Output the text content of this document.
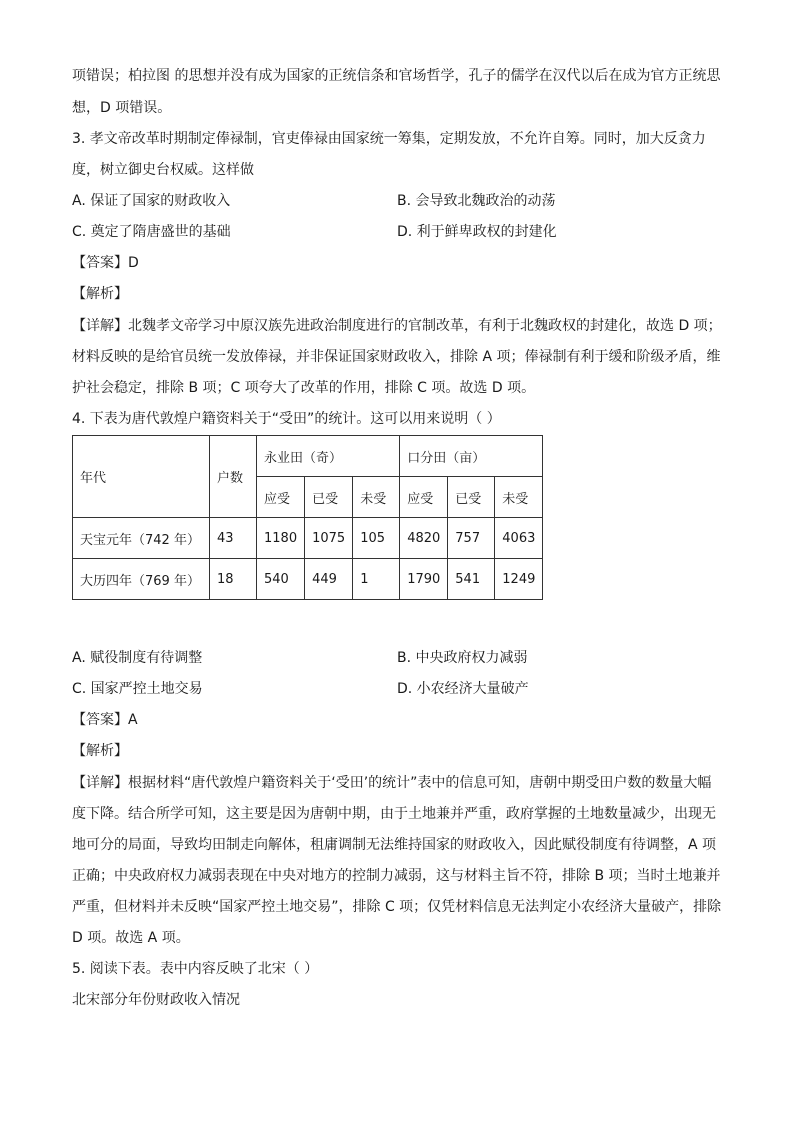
项错误；柏拉图 的思想并没有成为国家的正统信条和官场哲学，孔子的儒学在汉代以后在成为官方正统思
想，D 项错误。
3. 孝文帝改革时期制定俸禄制，官吏俸禄由国家统一筹集，定期发放，不允许自筹。同时，加大反贪力
度，树立御史台权威。这样做
A. 保证了国家的财政收入	B. 会导致北魏政治的动荡
C. 奠定了隋唐盛世的基础	D. 利于鲜卑政权的封建化
【答案】D
【解析】
【详解】北魏孝文帝学习中原汉族先进政治制度进行的官制改革，有利于北魏政权的封建化，故选 D 项；
材料反映的是给官员统一发放俸禄，并非保证国家财政收入，排除 A 项；俸禄制有利于缓和阶级矛盾，维
护社会稳定，排除 B 项；C 项夸大了改革的作用，排除 C 项。故选 D 项。
4. 下表为唐代敦煌户籍资料关于“受田”的统计。这可以用来说明（ ）
年代	户数	永业田（奇）			口分田（亩）		
		应受	已受	未受	应受	已受	未受
天宝元年（742 年）	43	1180	1075	105	4820	757	4063
大历四年（769 年）	18	540	449	1	1790	541	1249
A. 赋役制度有待调整	B. 中央政府权力减弱
C. 国家严控土地交易	D. 小农经济大量破产
【答案】A
【解析】
【详解】根据材料“唐代敦煌户籍资料关于‘受田’的统计”表中的信息可知，唐朝中期受田户数的数量大幅
度下降。结合所学可知，这主要是因为唐朝中期，由于土地兼并严重，政府掌握的土地数量减少，出现无
地可分的局面，导致均田制走向解体，租庸调制无法维持国家的财政收入，因此赋役制度有待调整，A 项
正确；中央政府权力减弱表现在中央对地方的控制力减弱，这与材料主旨不符，排除 B 项；当时土地兼并
严重，但材料并未反映“国家严控土地交易”，排除 C 项；仅凭材料信息无法判定小农经济大量破产，排除
D 项。故选 A 项。
5. 阅读下表。表中内容反映了北宋（ ）
北宋部分年份财政收入情况
